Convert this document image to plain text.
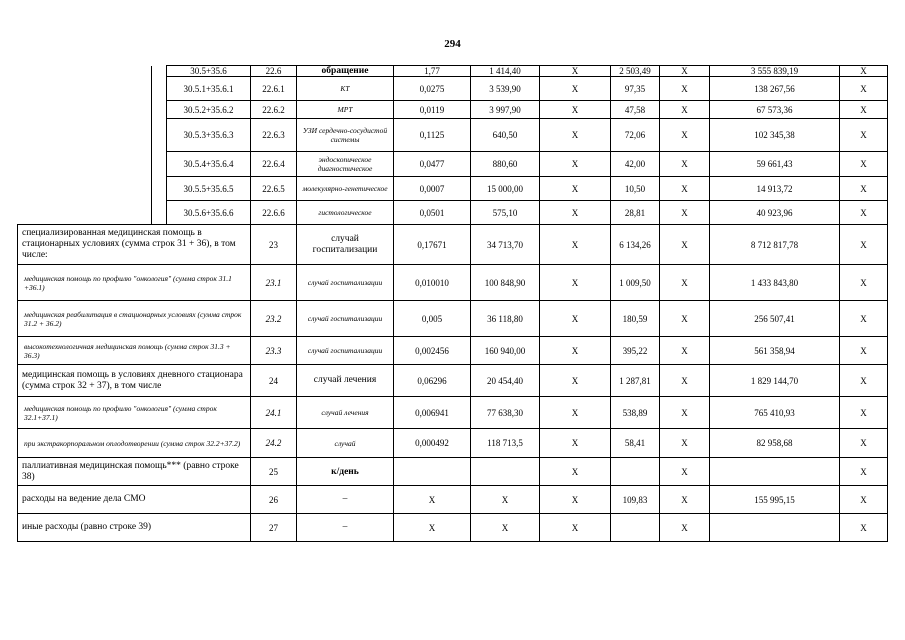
294
		30.5+35.6	22.6	обращение	1,77	1 414,40	X	2 503,49	X	3 555 839,19	X
		30.5.1+35.6.1	22.6.1	КТ	0,0275	3 539,90	X	97,35	X	138 267,56	X
		30.5.2+35.6.2	22.6.2	МРТ	0,0119	3 997,90	X	47,58	X	67 573,36	X
		30.5.3+35.6.3	22.6.3	УЗИ сердечно-сосудистой системы	0,1125	640,50	X	72,06	X	102 345,38	X
		30.5.4+35.6.4	22.6.4	эндоскопическое диагностическое	0,0477	880,60	X	42,00	X	59 661,43	X
		30.5.5+35.6.5	22.6.5	молекулярно-генетическое	0,0007	15 000,00	X	10,50	X	14 913,72	X
		30.5.6+35.6.6	22.6.6	гистологическое	0,0501	575,10	X	28,81	X	40 923,96	X
специализированная медицинская помощь в стационарных условиях (сумма строк 31 + 36), в том числе:			23	случай госпитализации	0,17671	34 713,70	X	6 134,26	X	8 712 817,78	X
медицинская помощь по профилю "онкология" (сумма строк 31.1 +36.1)			23.1	случай госпитализации	0,010010	100 848,90	X	1 009,50	X	1 433 843,80	X
медицинская реабилитация в стационарных условиях (сумма строк 31.2 + 36.2)			23.2	случай госпитализации	0,005	36 118,80	X	180,59	X	256 507,41	X
высокотехнологичная медицинская помощь (сумма строк 31.3 + 36.3)			23.3	случай госпитализации	0,002456	160 940,00	X	395,22	X	561 358,94	X
медицинская помощь в условиях дневного стационара (сумма строк 32 + 37), в том числе			24	случай лечения	0,06296	20 454,40	X	1 287,81	X	1 829 144,70	X
медицинская помощь по профилю "онкология" (сумма строк 32.1+37.1)			24.1	случай лечения	0,006941	77 638,30	X	538,89	X	765 410,93	X
при экстракорпоральном оплодотворении (сумма строк 32.2+37.2)			24.2	случай	0,000492	118 713,5	X	58,41	X	82 958,68	X
паллиативная медицинская помощь*** (равно строке 38)			25	к/день			X		X		X
расходы на ведение дела СМО			26	–	X	X	X	109,83	X	155 995,15	X
иные расходы (равно строке 39)			27	–	X	X	X		X		X
